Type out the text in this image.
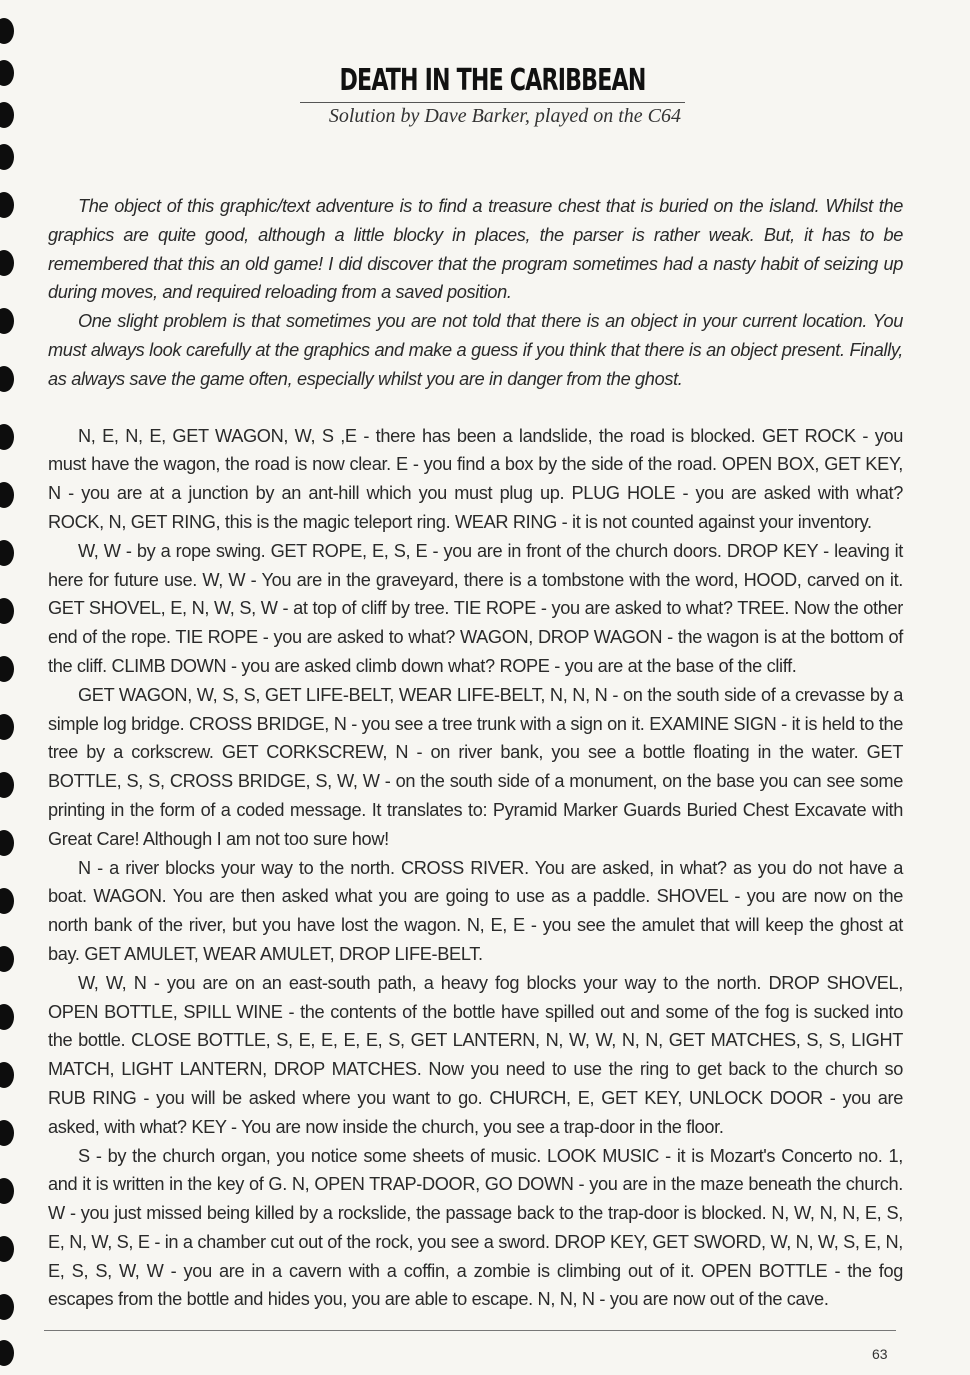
DEATH IN THE CARIBBEAN
Solution by Dave Barker, played on the C64

The object of this graphic/text adventure is to find a treasure chest that is buried on the island. Whilst the graphics are quite good, although a little blocky in places, the parser is rather weak. But, it has to be remembered that this an old game! I did discover that the program sometimes had a nasty habit of seizing up during moves, and required reloading from a saved position.

One slight problem is that sometimes you are not told that there is an object in your current location. You must always look carefully at the graphics and make a guess if you think that there is an object present. Finally, as always save the game often, especially whilst you are in danger from the ghost.

N, E, N, E, GET WAGON, W, S ,E - there has been a landslide, the road is blocked. GET ROCK - you must have the wagon, the road is now clear. E - you find a box by the side of the road. OPEN BOX, GET KEY, N - you are at a junction by an ant-hill which you must plug up. PLUG HOLE - you are asked with what? ROCK, N, GET RING, this is the magic teleport ring. WEAR RING - it is not counted against your inventory.

W, W - by a rope swing. GET ROPE, E, S, E - you are in front of the church doors. DROP KEY - leaving it here for future use. W, W - You are in the graveyard, there is a tombstone with the word, HOOD, carved on it. GET SHOVEL, E, N, W, S, W - at top of cliff by tree. TIE ROPE - you are asked to what? TREE. Now the other end of the rope. TIE ROPE - you are asked to what? WAGON, DROP WAGON - the wagon is at the bottom of the cliff. CLIMB DOWN - you are asked climb down what? ROPE - you are at the base of the cliff.

GET WAGON, W, S, S, GET LIFE-BELT, WEAR LIFE-BELT, N, N, N - on the south side of a crevasse by a simple log bridge. CROSS BRIDGE, N - you see a tree trunk with a sign on it. EXAMINE SIGN - it is held to the tree by a corkscrew. GET CORKSCREW, N - on river bank, you see a bottle floating in the water. GET BOTTLE, S, S, CROSS BRIDGE, S, W, W - on the south side of a monument, on the base you can see some printing in the form of a coded message. It translates to: Pyramid Marker Guards Buried Chest Excavate with Great Care! Although I am not too sure how!

N - a river blocks your way to the north. CROSS RIVER. You are asked, in what? as you do not have a boat. WAGON. You are then asked what you are going to use as a paddle. SHOVEL - you are now on the north bank of the river, but you have lost the wagon. N, E, E - you see the amulet that will keep the ghost at bay. GET AMULET, WEAR AMULET, DROP LIFE-BELT.

W, W, N - you are on an east-south path, a heavy fog blocks your way to the north. DROP SHOVEL, OPEN BOTTLE, SPILL WINE - the contents of the bottle have spilled out and some of the fog is sucked into the bottle. CLOSE BOTTLE, S, E, E, E, E, S, GET LANTERN, N, W, W, N, N, GET MATCHES, S, S, LIGHT MATCH, LIGHT LANTERN, DROP MATCHES. Now you need to use the ring to get back to the church so RUB RING - you will be asked where you want to go. CHURCH, E, GET KEY, UNLOCK DOOR - you are asked, with what? KEY - You are now inside the church, you see a trap-door in the floor.

S - by the church organ, you notice some sheets of music. LOOK MUSIC - it is Mozart's Concerto no. 1, and it is written in the key of G. N, OPEN TRAP-DOOR, GO DOWN - you are in the maze beneath the church. W - you just missed being killed by a rockslide, the passage back to the trap-door is blocked. N, W, N, N, E, S, E, N, W, S, E - in a chamber cut out of the rock, you see a sword. DROP KEY, GET SWORD, W, N, W, S, E, N, E, S, S, W, W - you are in a cavern with a coffin, a zombie is climbing out of it. OPEN BOTTLE - the fog escapes from the bottle and hides you, you are able to escape. N, N, N - you are now out of the cave.

63
